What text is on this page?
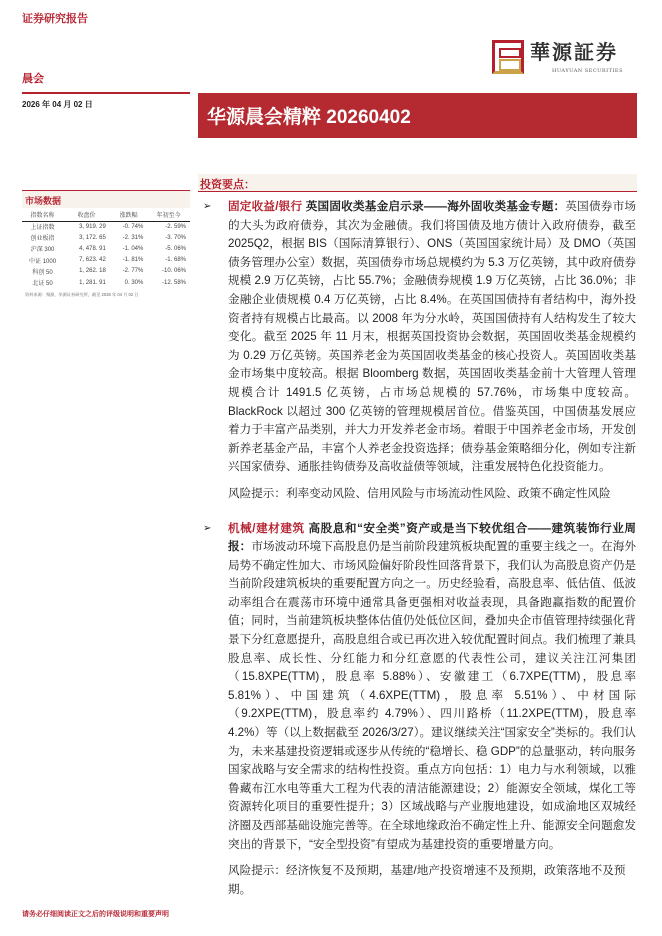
证券研究报告
華源証券
HUAYUAN SECURITIES
晨会
2026 年 04 月 02 日
华源晨会精粹 20260402
市场数据
指数名称	收盘价	涨跌幅	年初至今
上证指数	3, 919. 29	-0. 74%	-2. 59%
创业板指	3, 172. 65	-2. 31%	-3. 70%
沪深 300	4, 478. 91	-1. 04%	-5. 06%
中证 1000	7, 623. 42	-1. 81%	-1. 68%
科创 50	1, 262. 18	-2. 77%	-10. 06%
北证 50	1, 281. 91	0. 30%	-12. 58%
资料来源：聚源，华源证券研究所，截至 2026 年 04 月 02 日
投资要点：
➢ 固定收益/银行 英国固收类基金启示录——海外固收类基金专题：英国债券市场的大头为政府债券，其次为金融债。我们将国债及地方债计入政府债券，截至 2025Q2，根据 BIS（国际清算银行）、ONS（英国国家统计局）及 DMO（英国债务管理办公室）数据，英国债券市场总规模约为 5.3 万亿英镑，其中政府债券规模 2.9 万亿英镑，占比 55.7%；金融债券规模 1.9 万亿英镑，占比 36.0%；非金融企业债规模 0.4 万亿英镑，占比 8.4%。在英国国债持有者结构中，海外投资者持有规模占比最高。以 2008 年为分水岭，英国国债持有人结构发生了较大变化。截至 2025 年 11 月末，根据英国投资协会数据，英国固收类基金规模约为 0.29 万亿英镑。英国养老金为英国固收类基金的核心投资人。英国固收类基金市场集中度较高。根据 Bloomberg 数据，英国固收类基金前十大管理人管理规模合计 1491.5 亿英镑，占市场总规模的 57.76%，市场集中度较高。BlackRock 以超过 300 亿英镑的管理规模居首位。借鉴英国，中国债基发展应着力于丰富产品类别，并大力开发养老金市场。着眼于中国养老金市场，开发创新养老基金产品，丰富个人养老金投资选择；债券基金策略细分化，例如专注新兴国家债券、通胀挂钩债券及高收益债等领域，注重发展特色化投资能力。
风险提示：利率变动风险、信用风险与市场流动性风险、政策不确定性风险
➢ 机械/建材建筑 高股息和“安全类”资产或是当下较优组合——建筑装饰行业周报：市场波动环境下高股息仍是当前阶段建筑板块配置的重要主线之一。在海外局势不确定性加大、市场风险偏好阶段性回落背景下，我们认为高股息资产仍是当前阶段建筑板块的重要配置方向之一。历史经验看，高股息率、低估值、低波动率组合在震荡市环境中通常具备更强相对收益表现，具备跑赢指数的配置价值；同时，当前建筑板块整体估值仍处低位区间，叠加央企市值管理持续强化背景下分红意愿提升，高股息组合或已再次进入较优配置时间点。我们梳理了兼具股息率、成长性、分红能力和分红意愿的代表性公司，建议关注江河集团（15.8XPE(TTM)，股息率 5.88%）、安徽建工（6.7XPE(TTM)，股息率 5.81%）、中国建筑（4.6XPE(TTM)，股息率 5.51%）、中材国际（9.2XPE(TTM)，股息率约 4.79%）、四川路桥（11.2XPE(TTM)，股息率 4.2%）等（以上数据截至 2026/3/27）。建议继续关注“国家安全”类标的。我们认为，未来基建投资逻辑或逐步从传统的“稳增长、稳 GDP”的总量驱动，转向服务国家战略与安全需求的结构性投资。重点方向包括：1）电力与水利领域，以雅鲁藏布江水电等重大工程为代表的清洁能源建设；2）能源安全领域，煤化工等资源转化项目的重要性提升；3）区域战略与产业腹地建设，如成渝地区双城经济圈及西部基础设施完善等。在全球地缘政治不确定性上升、能源安全问题愈发突出的背景下，“安全型投资”有望成为基建投资的重要增量方向。
风险提示：经济恢复不及预期，基建/地产投资增速不及预期，政策落地不及预期。
请务必仔细阅读正文之后的评级说明和重要声明
